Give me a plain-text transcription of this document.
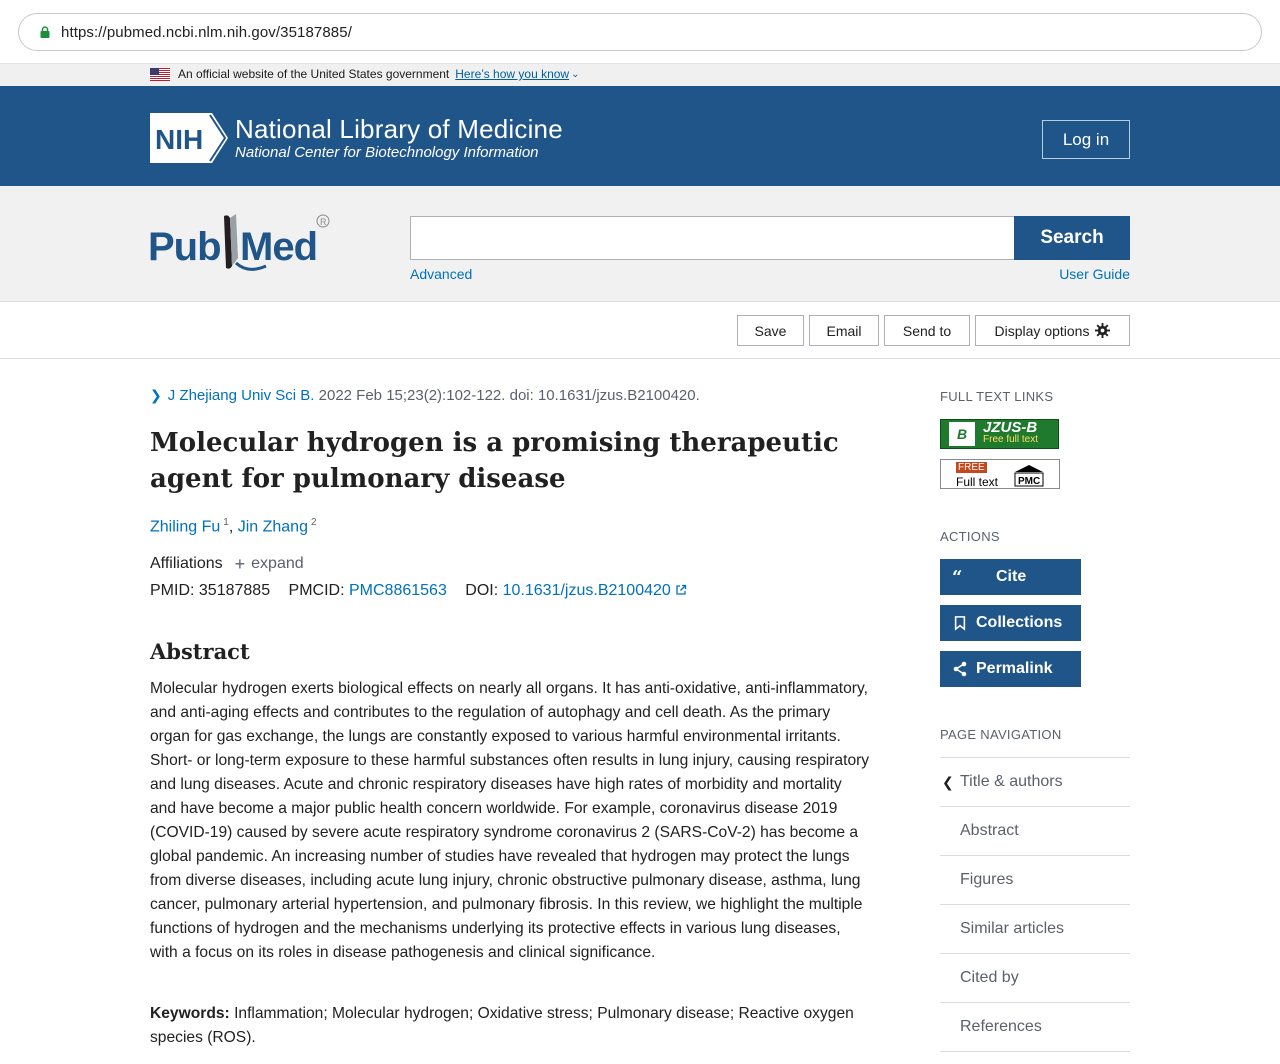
https://pubmed.ncbi.nlm.nih.gov/35187885/
An official website of the United States government Here’s how you know ⌄
NIH National Library of Medicine
National Center for Biotechnology Information
Log in
Pub Med
R
Search
Advanced	User Guide
Save	Email	Send to	Display options
❯ J Zhejiang Univ Sci B. 2022 Feb 15;23(2):102-122. doi: 10.1631/jzus.B2100420.
Molecular hydrogen is a promising therapeutic agent for pulmonary disease
Zhiling Fu $^1$, Jin Zhang $^2$
Affiliations + expand
PMID: 35187885 PMCID: PMC8861563 DOI: 10.1631/jzus.B2100420
Abstract

Molecular hydrogen exerts biological effects on nearly all organs. It has anti-oxidative, anti-inflammatory, and anti-aging effects and contributes to the regulation of autophagy and cell death. As the primary organ for gas exchange, the lungs are constantly exposed to various harmful environmental irritants. Short- or long-term exposure to these harmful substances often results in lung injury, causing respiratory and lung diseases. Acute and chronic respiratory diseases have high rates of morbidity and mortality and have become a major public health concern worldwide. For example, coronavirus disease 2019 (COVID-19) caused by severe acute respiratory syndrome coronavirus 2 (SARS-CoV-2) has become a global pandemic. An increasing number of studies have revealed that hydrogen may protect the lungs from diverse diseases, including acute lung injury, chronic obstructive pulmonary disease, asthma, lung cancer, pulmonary arterial hypertension, and pulmonary fibrosis. In this review, we highlight the multiple functions of hydrogen and the mechanisms underlying its protective effects in various lung diseases, with a focus on its roles in disease pathogenesis and clinical significance.

Keywords: Inflammation; Molecular hydrogen; Oxidative stress; Pulmonary disease; Reactive oxygen species (ROS).

FULL TEXT LINKS
B	JZUS-B
Free full text
FREE
Full text PMC
ACTIONS
“ Cite
Collections
Permalink
PAGE NAVIGATION
❮ Title & authors
Abstract
Figures
Similar articles
Cited by
References
